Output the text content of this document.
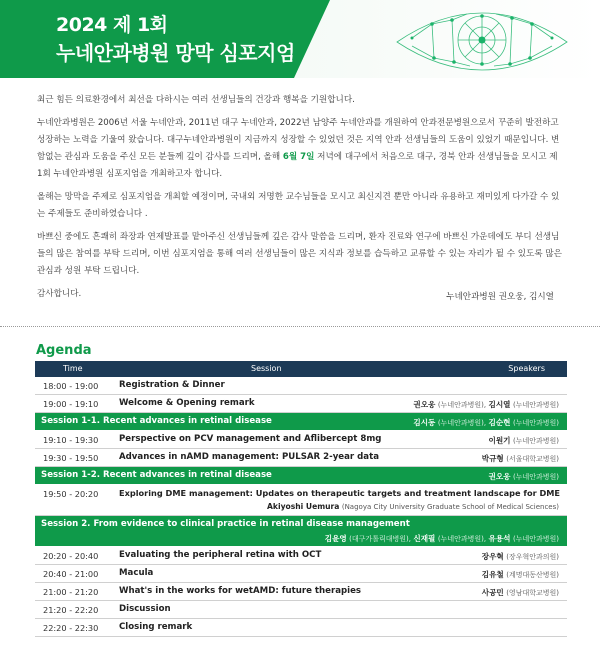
2024 제 1회
누네안과병원 망막 심포지엄

최근 힘든 의료환경에서 최선을 다하시는 여러 선생님들의 건강과 행복을 기원합니다.

누네안과병원은 2006년 서울 누네안과, 2011년 대구 누네안과, 2022년 남양주 누네안과를 개원하여 안과전문병원으로서 꾸준히 발전하고 성장하는 노력을 기울여 왔습니다. 대구누네안과병원이 지금까지 성장할 수 있었던 것은 지역 안과 선생님들의 도움이 있었기 때문입니다. 변함없는 관심과 도움을 주신 모든 분들께 깊이 감사를 드리며, 올해 6월 7일 저녁에 대구에서 처음으로 대구, 경북 안과 선생님들을 모시고 제 1회 누네안과병원 심포지엄을 개최하고자 합니다.

올해는 망막을 주제로 심포지엄을 개최할 예정이며, 국내외 저명한 교수님들을 모시고 최신지견 뿐만 아니라 유용하고 재미있게 다가갈 수 있는 주제들도 준비하였습니다 .

바쁘신 중에도 흔쾌히 좌장과 연제발표를 맡아주신 선생님들께 깊은 감사 말씀을 드리며, 환자 진료와 연구에 바쁘신 가운데에도 부디 선생님들의 많은 참여를 부탁 드리며, 이번 심포지엄을 통해 여러 선생님들이 많은 지식과 정보를 습득하고 교류할 수 있는 자리가 될 수 있도록 많은 관심과 성원 부탁 드립니다.

감사합니다.	누네안과병원 권오웅, 김시열
Agenda
Time	Session	Speakers
18:00 - 19:00	Registration & Dinner
19:00 - 19:10	Welcome & Opening remark	권오웅 (누네안과병원), 김시열 (누네안과병원)
Session 1-1. Recent advances in retinal disease	김시동 (누네안과병원), 김순현 (누네안과병원)
19:10 - 19:30	Perspective on PCV management and Aflibercept 8mg	이원기 (누네안과병원)
19:30 - 19:50	Advances in nAMD management: PULSAR 2-year data	박규형 (서울대학교병원)
Session 1-2. Recent advances in retinal disease	권오웅 (누네안과병원)
19:50 - 20:20	Exploring DME management: Updates on therapeutic targets and treatment landscape for DME
Akiyoshi Uemura (Nagoya City University Graduate School of Medical Sciences)
Session 2. From evidence to clinical practice in retinal disease management
김윤영 (대구가톨릭대병원), 신재필 (누네안과병원), 유용석 (누네안과병원)
20:20 - 20:40	Evaluating the peripheral retina with OCT	장우혁 (장우혁안과의원)
20:40 - 21:00	Macula	김유철 (계명대동산병원)
21:00 - 21:20	What's in the works for wetAMD: future therapies	사공민 (영남대학교병원)
21:20 - 22:20	Discussion
22:20 - 22:30	Closing remark
